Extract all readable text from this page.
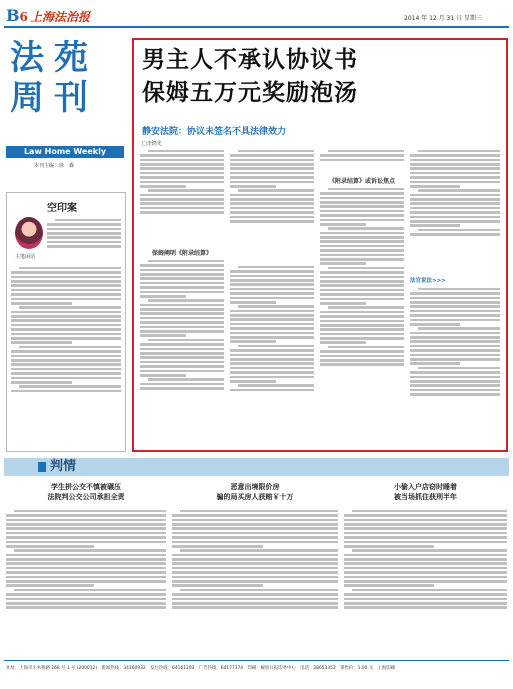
B6 上海法治报	2014 年 12 月 31 日 星期三
法苑
周刊
Law Home Weekly
本刊主编：徐　森
空印案
主笔闲话
男主人不承认协议书
保姆五万元奖励泡汤
静安法院：协议未签名不具法律效力
□李鸿光
保姆阐明《附录结算》
《附录结算》或诉讼焦点
法官说法>>>
判情
学生拼公交不慎被碾压
法院判公交公司承担全责
恶意出境限价房
骗的局买房人获赔￥十万
小偷入户店窃时睡着
被当场抓住获刑半年
社址：上海市小木桥路 268 号 1 号 (200032)　新闻热线：34160932　发行热线：64161293　广告热线：64177374　印刷：解放日报印务中心　电话：28653353　零售价：1.00 元　上海印刷
